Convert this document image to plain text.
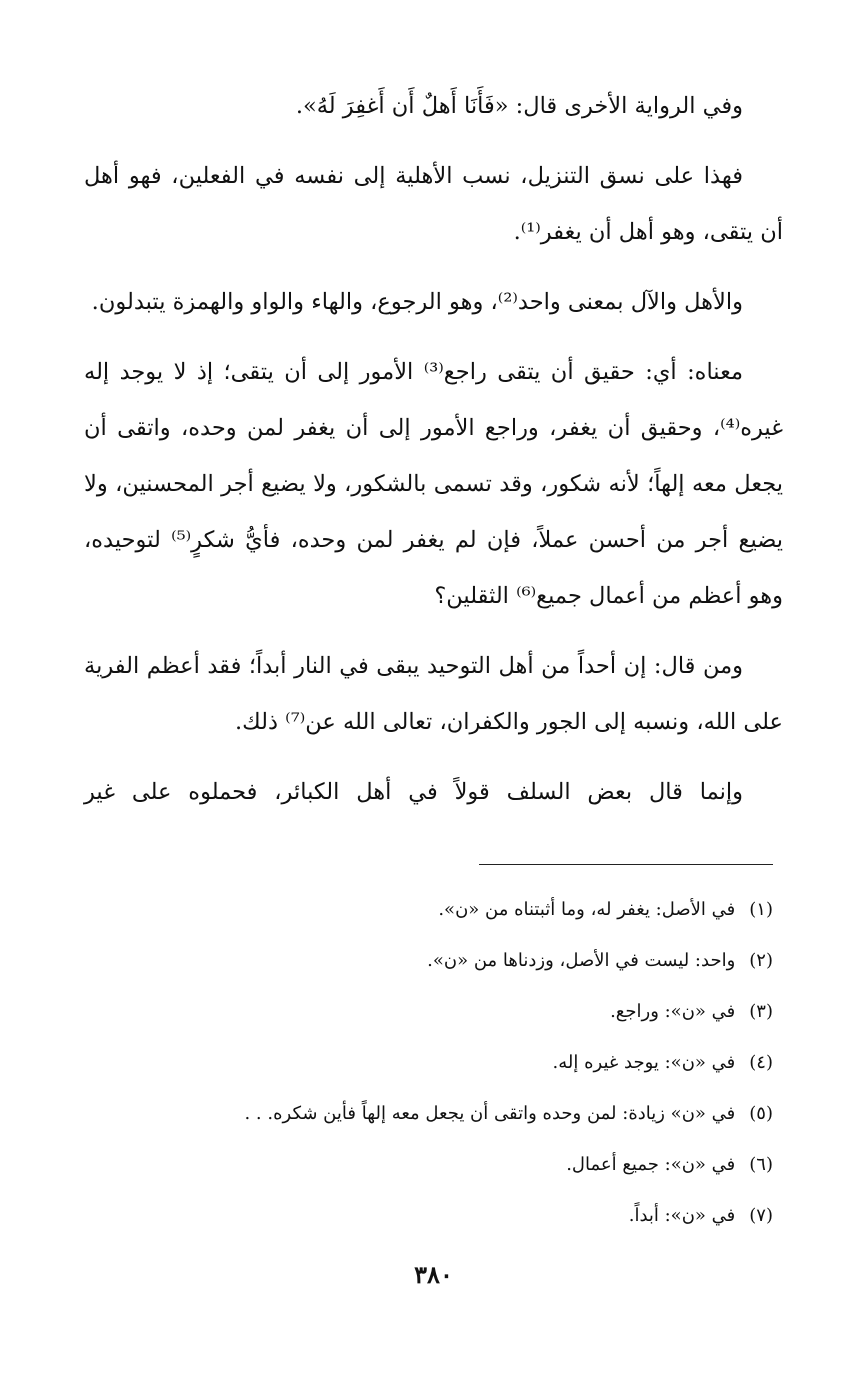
وفي الرواية الأخرى قال: «فَأَنَا أَهلٌ أَن أَغفِرَ لَهُ».

فهذا على نسق التنزيل، نسب الأهلية إلى نفسه في الفعلين، فهو أهل أن يتقى، وهو أهل أن يغفر⁽¹⁾.

والأهل والآل بمعنى واحد⁽²⁾، وهو الرجوع، والهاء والواو والهمزة يتبدلون.

معناه: أي: حقيق أن يتقى راجع⁽³⁾ الأمور إلى أن يتقى؛ إذ لا يوجد إله غيره⁽⁴⁾، وحقيق أن يغفر، وراجع الأمور إلى أن يغفر لمن وحده، واتقى أن يجعل معه إلهاً؛ لأنه شكور، وقد تسمى بالشكور، ولا يضيع أجر المحسنين، ولا يضيع أجر من أحسن عملاً، فإن لم يغفر لمن وحده، فأيُّ شكرٍ⁽⁵⁾ لتوحيده، وهو أعظم من أعمال جميع⁽⁶⁾ الثقلين؟

ومن قال: إن أحداً من أهل التوحيد يبقى في النار أبداً؛ فقد أعظم الفرية على الله، ونسبه إلى الجور والكفران، تعالى الله عن⁽⁷⁾ ذلك.

وإنما قال بعض السلف قولاً في أهل الكبائر، فحملوه على غير

(١)في الأصل: يغفر له، وما أثبتناه من «ن».
(٢)واحد: ليست في الأصل، وزدناها من «ن».
(٣)في «ن»: وراجع.
(٤)في «ن»: يوجد غيره إله.
(٥)في «ن» زيادة: لمن وحده واتقى أن يجعل معه إلهاً فأين شكره. . .
(٦)في «ن»: جميع أعمال.
(٧)في «ن»: أبداً.
٣٨٠
